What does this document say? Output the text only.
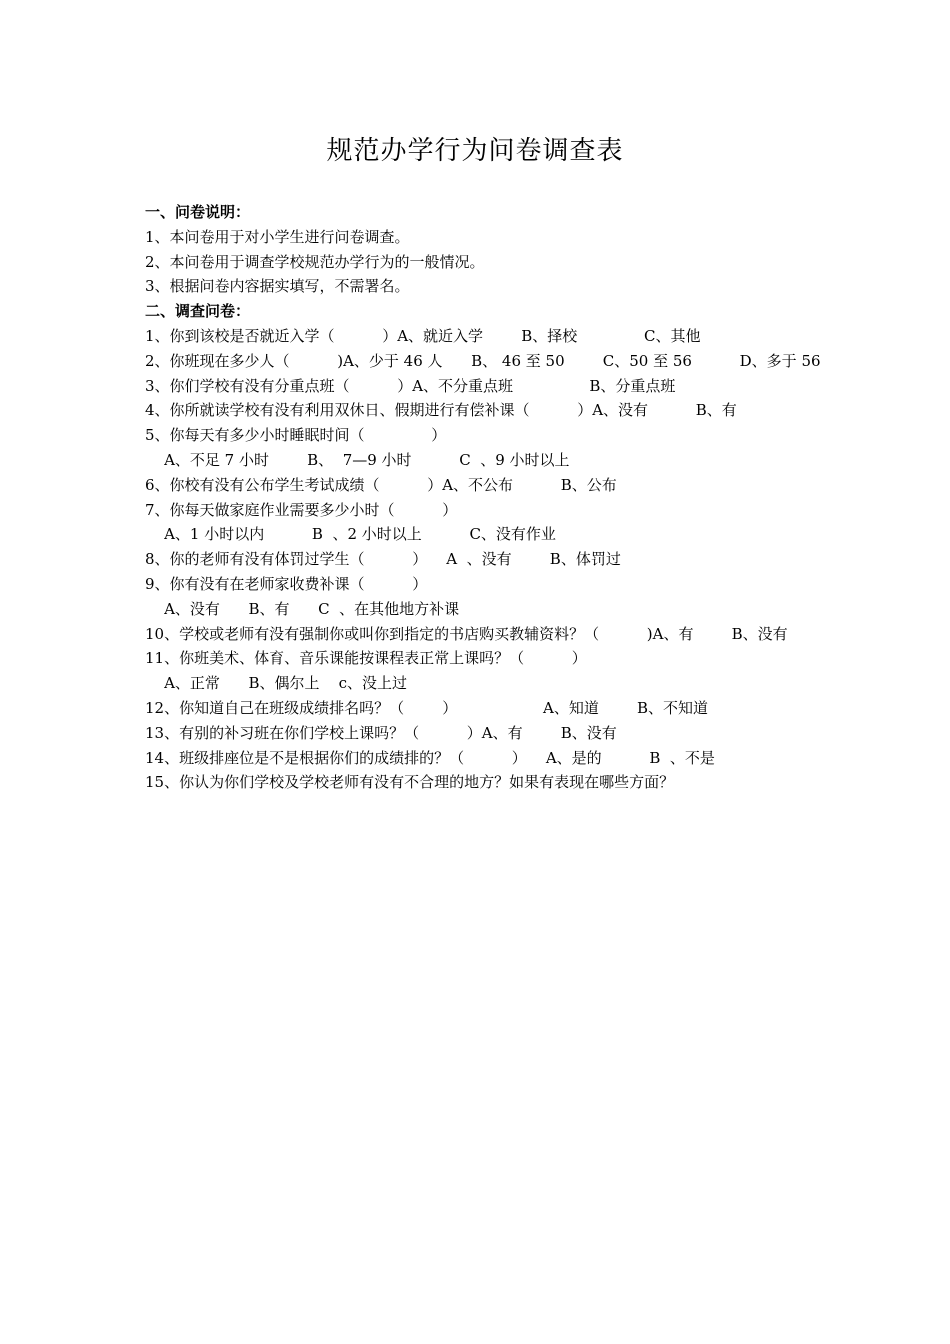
规范办学行为问卷调查表
一、问卷说明：
1、本问卷用于对小学生进行问卷调查。
2、本问卷用于调查学校规范办学行为的一般情况。
3、根据问卷内容据实填写，不需署名。
二、调查问卷：
1、你到该校是否就近入学（          ）A、就近入学        B、择校              C、其他
2、你班现在多少人（          )A、少于 46 人      B、 46 至 50        C、50 至 56          D、多于 56
3、你们学校有没有分重点班（          ）A、不分重点班                B、分重点班
4、你所就读学校有没有利用双休日、假期进行有偿补课（          ）A、没有          B、有
5、你每天有多少小时睡眠时间（              ）
A、不足 7 小时        B、  7—9 小时          C  、9 小时以上
6、你校有没有公布学生考试成绩（          ）A、不公布          B、公布
7、你每天做家庭作业需要多少小时（          ）
A、1 小时以内          B  、2 小时以上          C、没有作业
8、你的老师有没有体罚过学生（          ）    A  、没有        B、体罚过
9、你有没有在老师家收费补课（          ）
A、没有      B、有      C  、在其他地方补课
10、学校或老师有没有强制你或叫你到指定的书店购买教辅资料？（          )A、有        B、没有
11、你班美术、体育、音乐课能按课程表正常上课吗？（          ）
A、正常      B、偶尔上    c、没上过
12、你知道自己在班级成绩排名吗？（        ）                  A、知道        B、不知道
13、有别的补习班在你们学校上课吗？（          ）A、有        B、没有
14、班级排座位是不是根据你们的成绩排的？（          ）    A、是的          B  、不是
15、你认为你们学校及学校老师有没有不合理的地方？如果有表现在哪些方面？
